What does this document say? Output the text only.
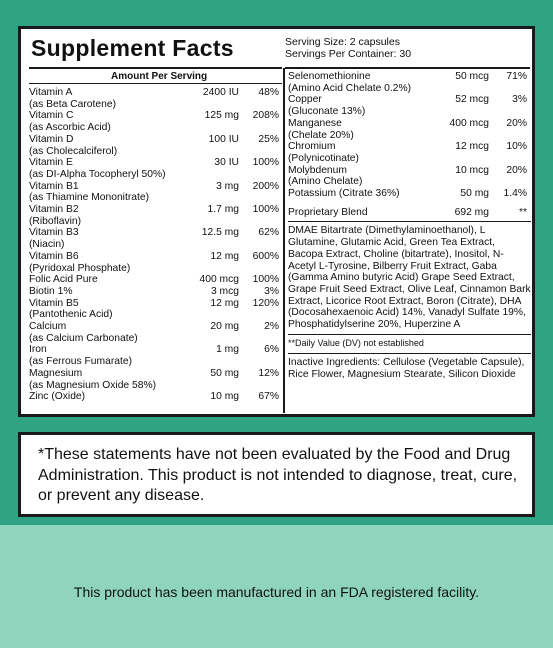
Supplement Facts	Serving Size: 2 capsules
Servings Per Container: 30
Amount Per Serving
Vitamin A	2400 IU	48%
(as Beta Carotene)
Vitamin C	125 mg	208%
(as Ascorbic Acid)
Vitamin D	100 IU	25%
(as Cholecalciferol)
Vitamin E	30 IU	100%
(as DI-Alpha Tocopheryl 50%)
Vitamin B1	3 mg	200%
(as Thiamine Mononitrate)
Vitamin B2	1.7 mg	100%
(Riboflavin)
Vitamin B3	12.5 mg	62%
(Niacin)
Vitamin B6	12 mg	600%
(Pyridoxal Phosphate)
Folic Acid Pure	400 mcg	100%
Biotin 1%	3 mcg	3%
Vitamin B5	12 mg	120%
(Pantothenic Acid)
Calcium	20 mg	2%
(as Calcium Carbonate)
Iron	1 mg	6%
(as Ferrous Fumarate)
Magnesium	50 mg	12%
(as Magnesium Oxide 58%)
Zinc (Oxide)	10 mg	67%
Selenomethionine	50 mcg	71%
(Amino Acid Chelate 0.2%)
Copper	52 mcg	3%
(Gluconate 13%)
Manganese	400 mcg	20%
(Chelate 20%)
Chromium	12 mcg	10%
(Polynicotinate)
Molybdenum	10 mcg	20%
(Amino Chelate)
Potassium (Citrate 36%)	50 mg	1.4%
Proprietary Blend	692 mg	**
DMAE Bitartrate (Dimethylaminoethanol), L Glutamine, Glutamic Acid, Green Tea Extract, Bacopa Extract, Choline (bitartrate), Inositol, N-Acetyl L-Tyrosine, Bilberry Fruit Extract, Gaba (Gamma Amino butyric Acid) Grape Seed Extract, Grape Fruit Seed Extract, Olive Leaf, Cinnamon Bark Extract, Licorice Root Extract, Boron (Citrate), DHA (Docosahexaenoic Acid) 14%, Vanadyl Sulfate 19%, Phosphatidylserine 20%, Huperzine A
**Daily Value (DV) not established
Inactive Ingredients: Cellulose (Vegetable Capsule), Rice Flower, Magnesium Stearate, Silicon Dioxide
*These statements have not been evaluated by the Food and Drug Administration. This product is not intended to diagnose, treat, cure, or prevent any disease.
This product has been manufactured in an FDA registered facility.
